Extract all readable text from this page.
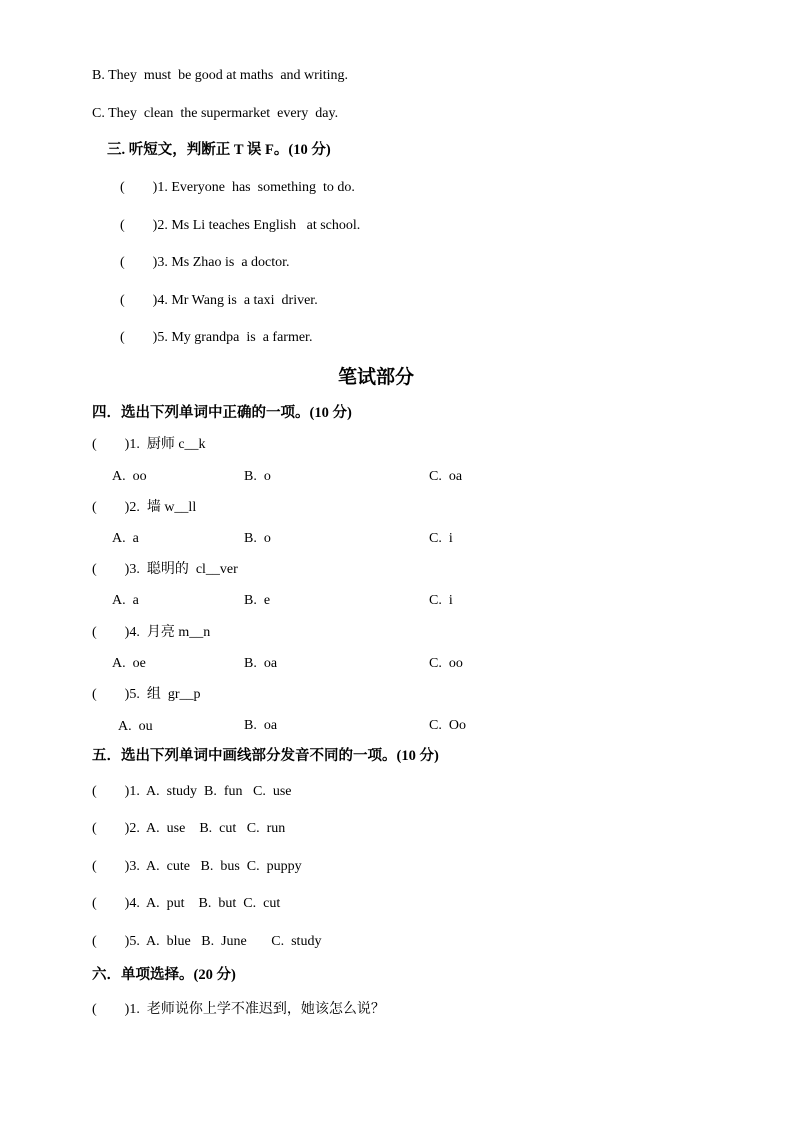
B. They  must  be good at maths  and writing.
C. They  clean  the supermarket  every  day.
三. 听短文，判断正 T 误 F。(10 分)
(        )1. Everyone  has  something  to do.
(        )2. Ms Li teaches English   at school.
(        )3. Ms Zhao is  a doctor.
(        )4. Mr Wang is  a taxi  driver.
(        )5. My grandpa  is  a farmer.
笔试部分
四．选出下列单词中正确的一项。(10 分)
(        )1.  厨师 c__k
A.  oo	B.  o	C.  oa
(        )2.  墙 w__ll
A.  a	B.  o	C.  i
(        )3.  聪明的  cl__ver
A.  a	B.  e	C.  i
(        )4.  月亮 m__n
A.  oe	B.  oa	C.  oo
(        )5.  组  gr__p
A.  ou	B.  oa	C.  Oo
五．选出下列单词中画线部分发音不同的一项。(10 分)
(        )1.  A.  study  B.  fun   C.  use
(        )2.  A.  use    B.  cut   C.  run
(        )3.  A.  cute   B.  bus  C.  puppy
(        )4.  A.  put    B.  but  C.  cut
(        )5.  A.  blue   B.  June       C.  study
六．单项选择。(20 分)
(        )1.  老师说你上学不准迟到，她该怎么说？
